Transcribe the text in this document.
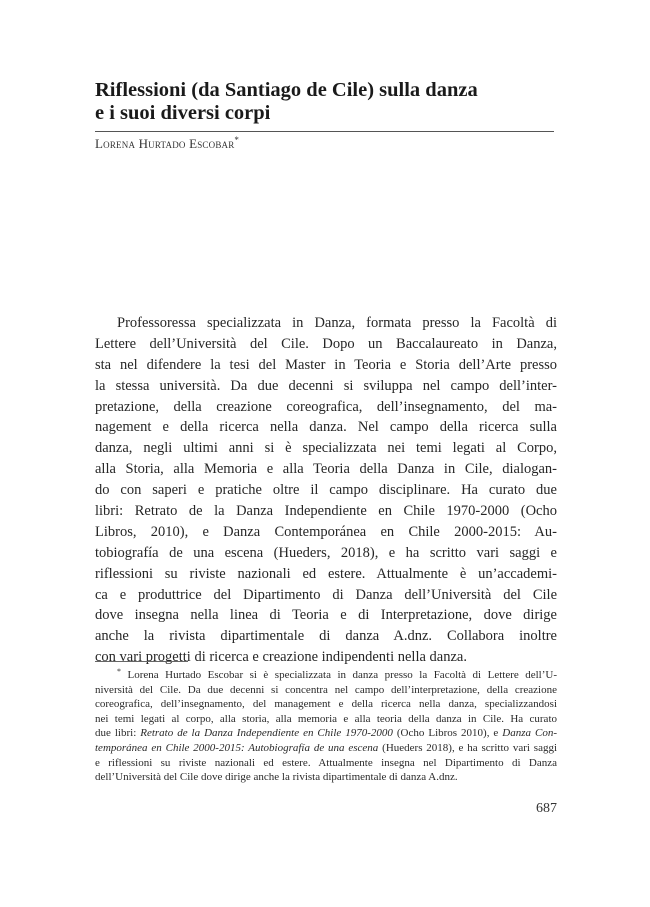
Riflessioni (da Santiago de Cile) sulla danza
e i suoi diversi corpi
Lorena Hurtado Escobar*
Professoressa specializzata in Danza, formata presso la Facoltà di
Lettere dell’Università del Cile. Dopo un Baccalaureato in Danza,
sta nel difendere la tesi del Master in Teoria e Storia dell’Arte presso
la stessa università. Da due decenni si sviluppa nel campo dell’inter-
pretazione, della creazione coreografica, dell’insegnamento, del ma-
nagement e della ricerca nella danza. Nel campo della ricerca sulla
danza, negli ultimi anni si è specializzata nei temi legati al Corpo,
alla Storia, alla Memoria e alla Teoria della Danza in Cile, dialogan-
do con saperi e pratiche oltre il campo disciplinare. Ha curato due
libri: Retrato de la Danza Independiente en Chile 1970-2000 (Ocho
Libros, 2010), e Danza Contemporánea en Chile 2000-2015: Au-
tobiografía de una escena (Hueders, 2018), e ha scritto vari saggi e
riflessioni su riviste nazionali ed estere. Attualmente è un’accademi-
ca e produttrice del Dipartimento di Danza dell’Università del Cile
dove insegna nella linea di Teoria e di Interpretazione, dove dirige
anche la rivista dipartimentale di danza A.dnz. Collabora inoltre
con vari progetti di ricerca e creazione indipendenti nella danza.
* Lorena Hurtado Escobar si è specializzata in danza presso la Facoltà di Lettere dell’U-
niversità del Cile. Da due decenni si concentra nel campo dell’interpretazione, della creazione
coreografica, dell’insegnamento, del management e della ricerca nella danza, specializzandosi
nei temi legati al corpo, alla storia, alla memoria e alla teoria della danza in Cile. Ha curato
due libri: Retrato de la Danza Independiente en Chile 1970-2000 (Ocho Libros 2010), e Danza Con-
temporánea en Chile 2000-2015: Autobiografía de una escena (Hueders 2018), e ha scritto vari saggi
e riflessioni su riviste nazionali ed estere. Attualmente insegna nel Dipartimento di Danza
dell’Università del Cile dove dirige anche la rivista dipartimentale di danza A.dnz.
687
